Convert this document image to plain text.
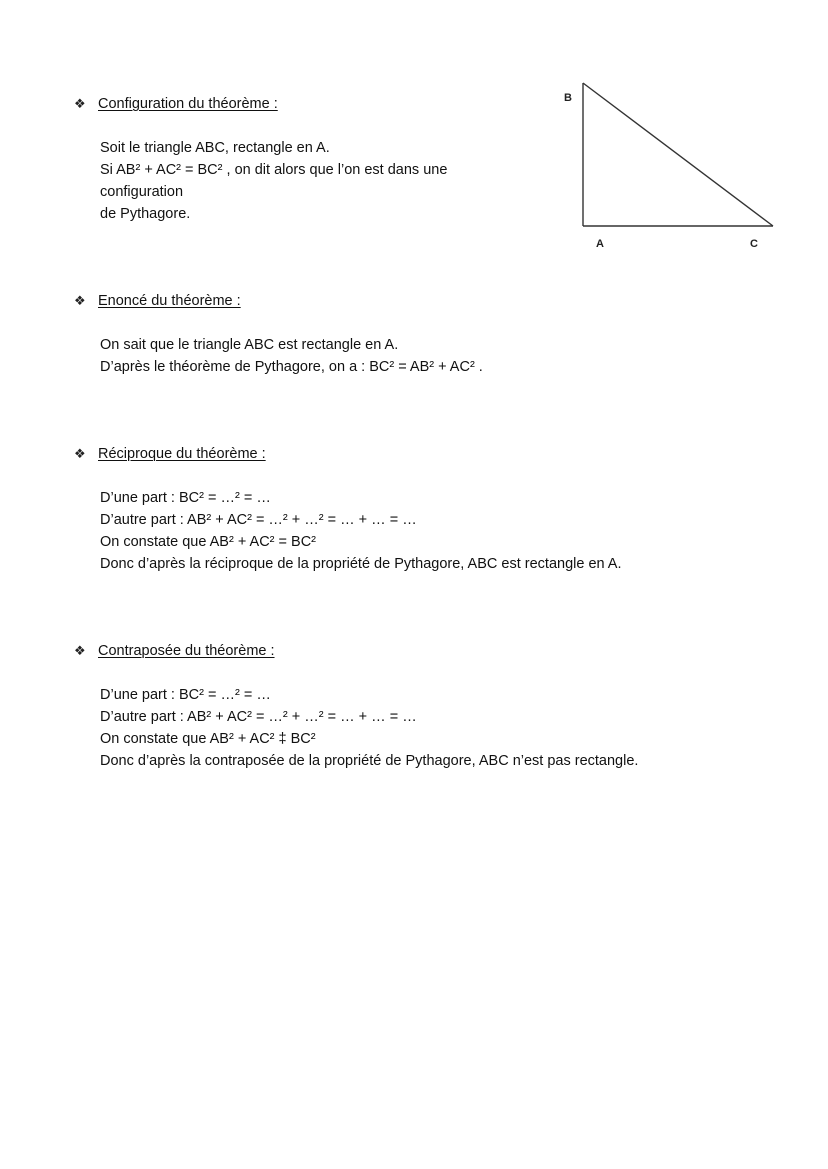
❖ Configuration du théorème :
Soit le triangle ABC, rectangle en A.
Si AB² + AC² = BC² , on dit alors que l’on est dans une
configuration
de Pythagore.
B
A	C
❖ Enoncé du théorème :
On sait que le triangle ABC est rectangle en A.
D’après le théorème de Pythagore, on a : BC² = AB² + AC² .
❖ Réciproque du théorème :
D’une part : BC² = …² = …
D’autre part : AB² + AC² = …² + …² = … + … = …
On constate que AB² + AC² = BC²
Donc d’après la réciproque de la propriété de Pythagore, ABC est rectangle en A.
❖ Contraposée du théorème :
D’une part : BC² = …² = …
D’autre part : AB² + AC² = …² + …² = … + … = …
On constate que AB² + AC² ‡ BC²
Donc d’après la contraposée de la propriété de Pythagore, ABC n’est pas rectangle.
